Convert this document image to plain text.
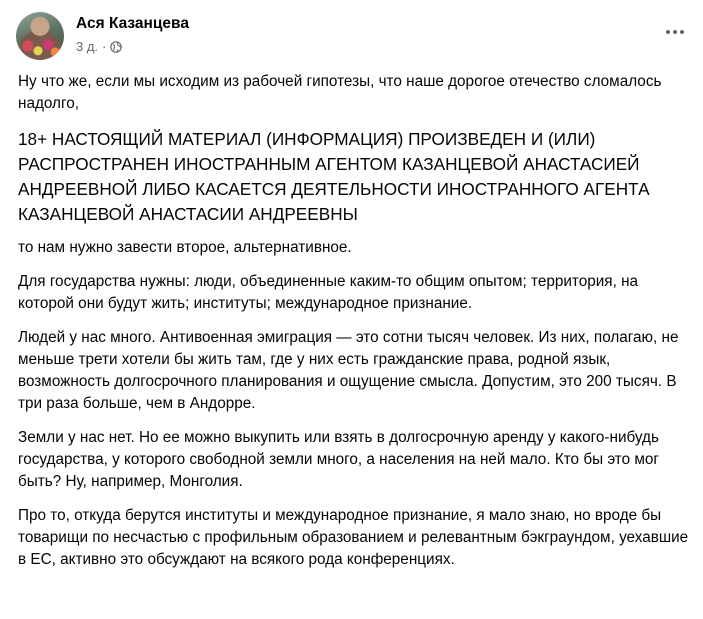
Ася Казанцева
3 д. ·

Ну что же, если мы исходим из рабочей гипотезы, что наше дорогое отечество сломалось надолго,

18+ НАСТОЯЩИЙ МАТЕРИАЛ (ИНФОРМАЦИЯ) ПРОИЗВЕДЕН И (ИЛИ) РАСПРОСТРАНЕН ИНОСТРАННЫМ АГЕНТОМ КАЗАНЦЕВОЙ АНАСТАСИЕЙ АНДРЕЕВНОЙ ЛИБО КАСАЕТСЯ ДЕЯТЕЛЬНОСТИ ИНОСТРАННОГО АГЕНТА КАЗАНЦЕВОЙ АНАСТАСИИ АНДРЕЕВНЫ

то нам нужно завести второе, альтернативное.

Для государства нужны: люди, объединенные каким-то общим опытом; территория, на которой они будут жить; институты; международное признание.

Людей у нас много. Антивоенная эмиграция — это сотни тысяч человек. Из них, полагаю, не меньше трети хотели бы жить там, где у них есть гражданские права, родной язык, возможность долгосрочного планирования и ощущение смысла. Допустим, это 200 тысяч. В три раза больше, чем в Андорре.

Земли у нас нет. Но ее можно выкупить или взять в долгосрочную аренду у какого-нибудь государства, у которого свободной земли много, а населения на ней мало. Кто бы это мог быть? Ну, например, Монголия.

Про то, откуда берутся институты и международное признание, я мало знаю, но вроде бы товарищи по несчастью с профильным образованием и релевантным бэкграундом, уехавшие в ЕС, активно это обсуждают на всякого рода конференциях.
